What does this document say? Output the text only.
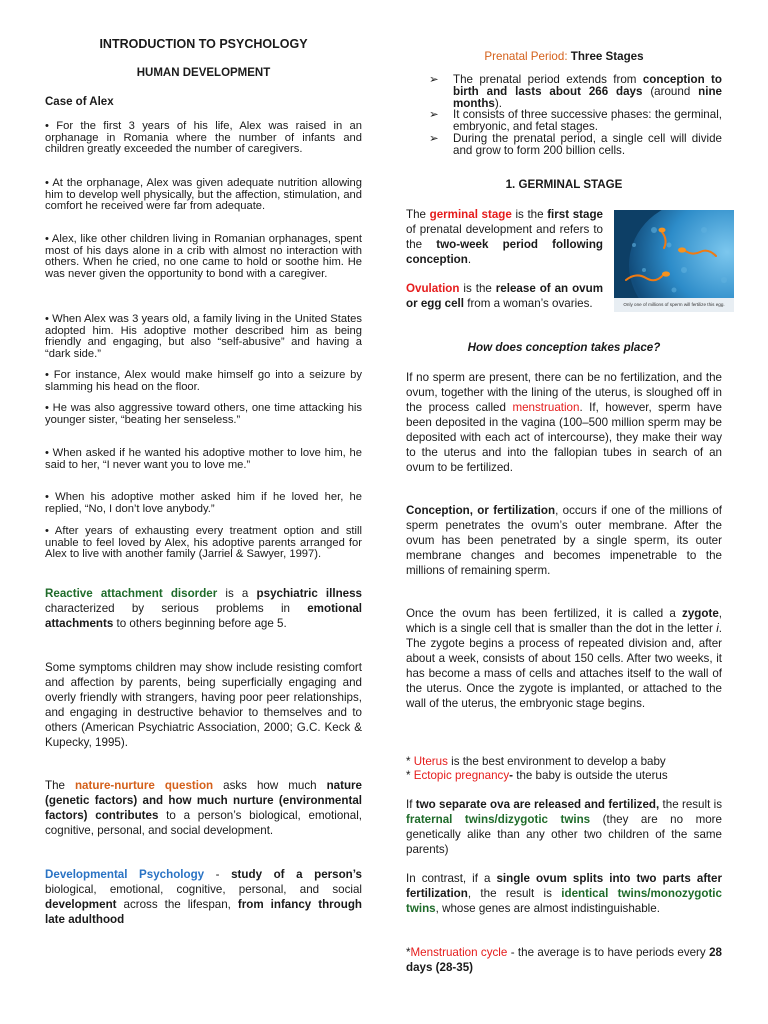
INTRODUCTION TO PSYCHOLOGY
HUMAN DEVELOPMENT
Case of Alex

• For the first 3 years of his life, Alex was raised in an orphanage in Romania where the number of infants and children greatly exceeded the number of caregivers.

• At the orphanage, Alex was given adequate nutrition allowing him to develop well physically, but the affection, stimulation, and comfort he received were far from adequate.

• Alex, like other children living in Romanian orphanages, spent most of his days alone in a crib with almost no interaction with others. When he cried, no one came to hold or soothe him. He was never given the opportunity to bond with a caregiver.

• When Alex was 3 years old, a family living in the United States adopted him. His adoptive mother described him as being friendly and engaging, but also “self-abusive” and having a “dark side.”

• For instance, Alex would make himself go into a seizure by slamming his head on the floor.

• He was also aggressive toward others, one time attacking his younger sister, “beating her senseless.”

• When asked if he wanted his adoptive mother to love him, he said to her, “I never want you to love me.”

• When his adoptive mother asked him if he loved her, he replied, “No, I don’t love anybody.”

• After years of exhausting every treatment option and still unable to feel loved by Alex, his adoptive parents arranged for Alex to live with another family (Jarriel & Sawyer, 1997).

Reactive attachment disorder is a psychiatric illness characterized by serious problems in emotional attachments to others beginning before age 5.

Some symptoms children may show include resisting comfort and affection by parents, being superficially engaging and overly friendly with strangers, having poor peer relationships, and engaging in destructive behavior to themselves and to others (American Psychiatric Association, 2000; G.C. Keck & Kupecky, 1995).

The nature-nurture question asks how much nature (genetic factors) and how much nurture (environmental factors) contributes to a person’s biological, emotional, cognitive, personal, and social development.

Developmental Psychology - study of a person’s biological, emotional, cognitive, personal, and social development across the lifespan, from infancy through late adulthood

Prenatal Period: Three Stages
➢ The prenatal period extends from conception to birth and lasts about 266 days (around nine months).
➢ It consists of three successive phases: the germinal, embryonic, and fetal stages.
➢ During the prenatal period, a single cell will divide and grow to form 200 billion cells.
1. GERMINAL STAGE

The germinal stage is the first stage of prenatal development and refers to the two-week period following conception.

Ovulation is the release of an ovum or egg cell from a woman’s ovaries.	Only one of millions of sperm will fertilize this egg.
How does conception takes place?

If no sperm are present, there can be no fertilization, and the ovum, together with the lining of the uterus, is sloughed off in the process called menstruation. If, however, sperm have been deposited in the vagina (100–500 million sperm may be deposited with each act of intercourse), they make their way to the uterus and into the fallopian tubes in search of an ovum to be fertilized.

Conception, or fertilization, occurs if one of the millions of sperm penetrates the ovum’s outer membrane. After the ovum has been penetrated by a single sperm, its outer membrane changes and becomes impenetrable to the millions of remaining sperm.

Once the ovum has been fertilized, it is called a zygote, which is a single cell that is smaller than the dot in the letter i. The zygote begins a process of repeated division and, after about a week, consists of about 150 cells. After two weeks, it has become a mass of cells and attaches itself to the wall of the uterus. Once the zygote is implanted, or attached to the wall of the uterus, the embryonic stage begins.

* Uterus is the best environment to develop a baby

* Ectopic pregnancy- the baby is outside the uterus

If two separate ova are released and fertilized, the result is fraternal twins/dizygotic twins (they are no more genetically alike than any other two children of the same parents)

In contrast, if a single ovum splits into two parts after fertilization, the result is identical twins/monozygotic twins, whose genes are almost indistinguishable.

*Menstruation cycle - the average is to have periods every 28 days (28-35)
